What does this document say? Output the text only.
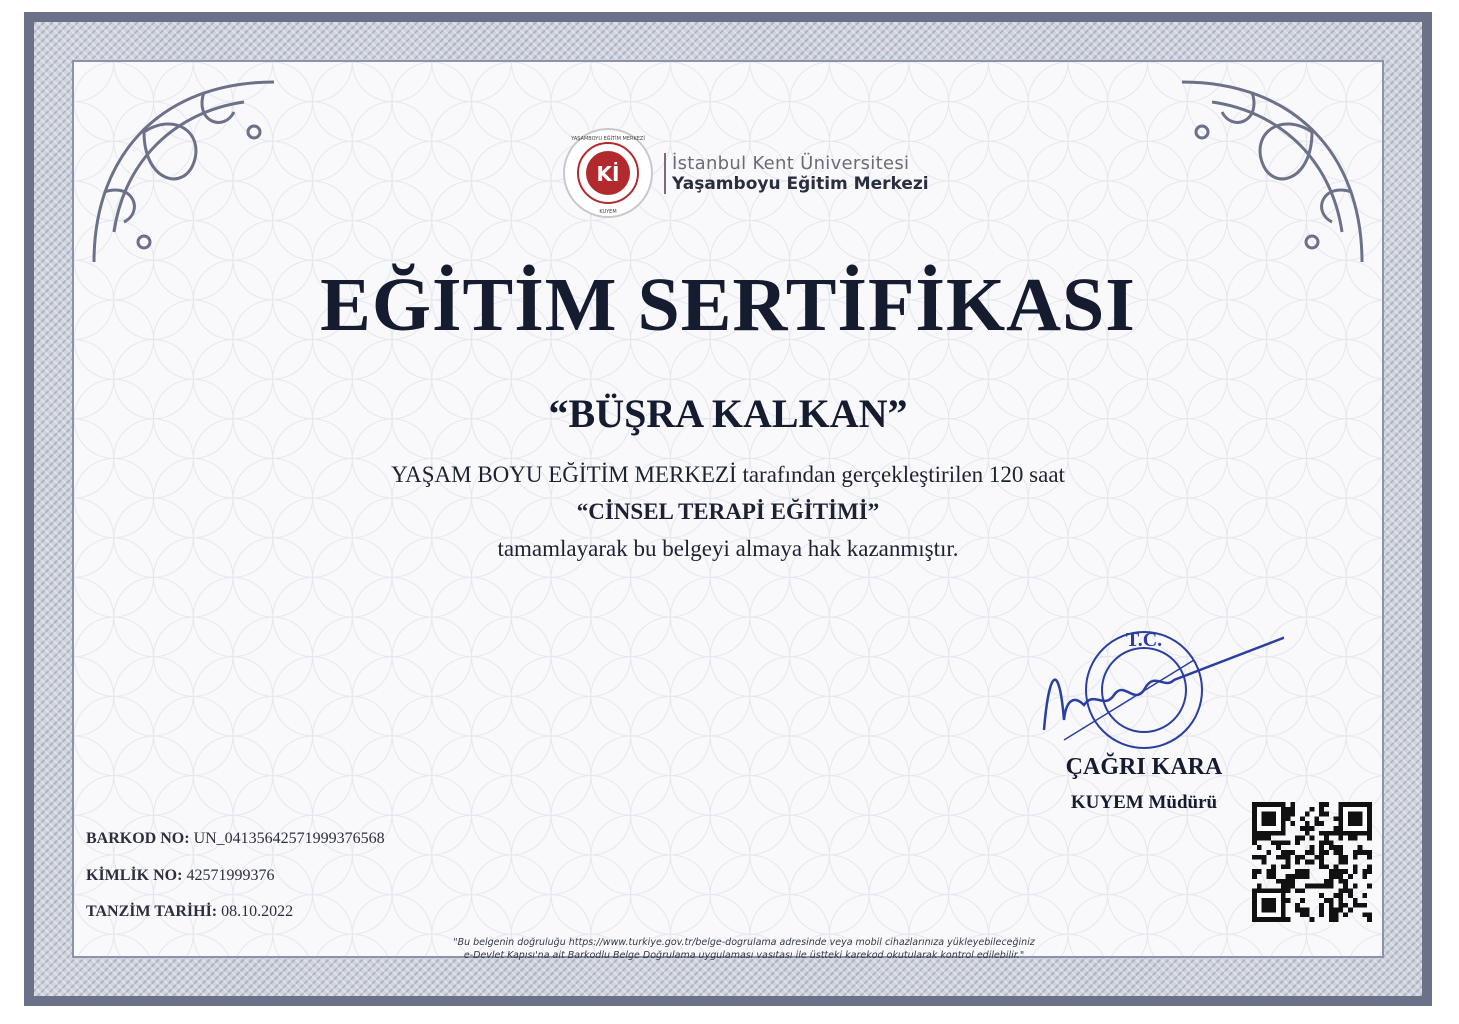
Kİ
YAŞAMBOYU EĞİTİM MERKEZİ
KUYEM
İstanbul Kent Üniversitesi
Yaşamboyu Eğitim Merkezi
EĞİTİM SERTİFİKASI
“BÜŞRA KALKAN”
YAŞAM BOYU EĞİTİM MERKEZİ tarafından gerçekleştirilen 120 saat
“CİNSEL TERAPİ EĞİTİMİ”
tamamlayarak bu belgeyi almaya hak kazanmıştır.
T.C.
ÇAĞRI KARA
KUYEM Müdürü
BARKOD NO: UN_041356425719993765​68
KİMLİK NO: 42571999376
TANZİM TARİHİ: 08.10.2022
"Bu belgenin doğruluğu https://www.turkiye.gov.tr/belge-dogrulama adresinde veya mobil cihazlarınıza yükleyebileceğiniz
e-Devlet Kapısı'na ait Barkodlu Belge Doğrulama uygulaması vasıtası ile üstteki karekod okutularak kontrol edilebilir."
